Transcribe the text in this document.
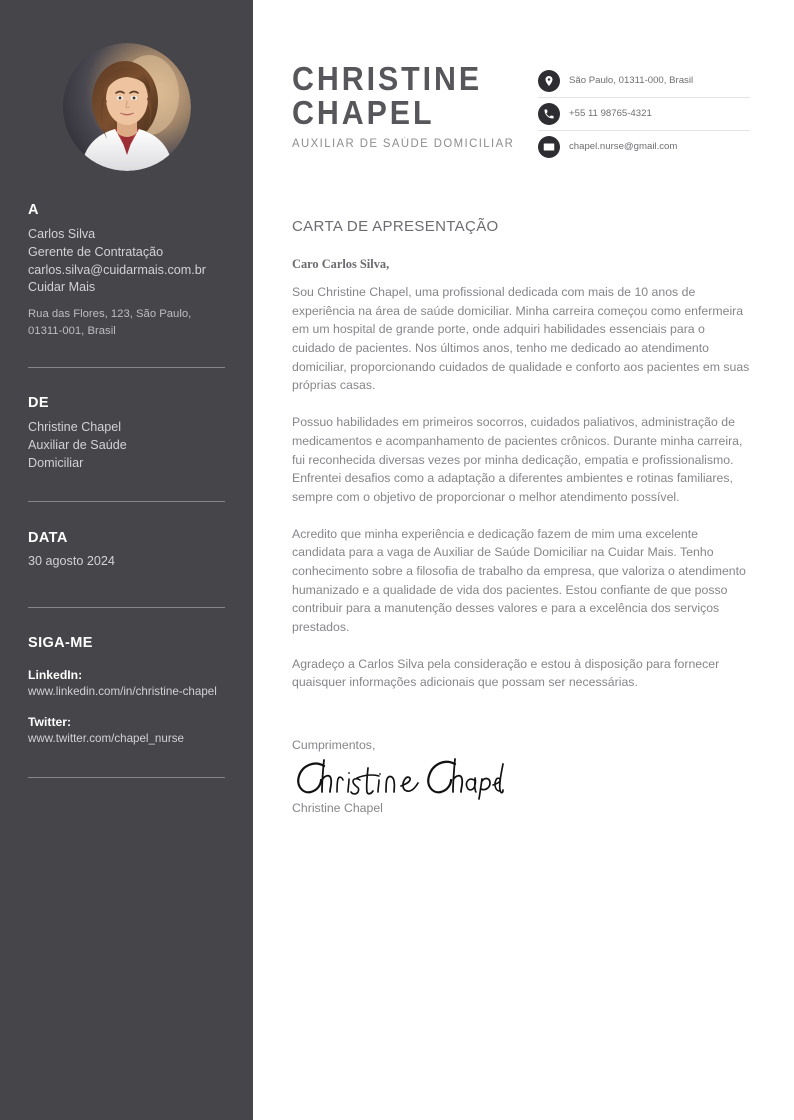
A
Carlos Silva
Gerente de Contratação
carlos.silva@cuidarmais.com.br
Cuidar Mais
Rua das Flores, 123, São Paulo, 01311-001, Brasil
DE
Christine Chapel
Auxiliar de Saúde Domiciliar
DATA
30 agosto 2024
SIGA-ME
LinkedIn:
www.linkedin.com/in/christine-chapel
Twitter:
www.twitter.com/chapel_nurse
CHRISTINE
CHAPEL
AUXILIAR DE SAÚDE DOMICILIAR
São Paulo, 01311-000, Brasil
+55 11 98765-4321
chapel.nurse@gmail.com
CARTA DE APRESENTAÇÃO
Caro Carlos Silva,

Sou Christine Chapel, uma profissional dedicada com mais de 10 anos de experiência na área de saúde domiciliar. Minha carreira começou como enfermeira em um hospital de grande porte, onde adquiri habilidades essenciais para o cuidado de pacientes. Nos últimos anos, tenho me dedicado ao atendimento domiciliar, proporcionando cuidados de qualidade e conforto aos pacientes em suas próprias casas.

Possuo habilidades em primeiros socorros, cuidados paliativos, administração de medicamentos e acompanhamento de pacientes crônicos. Durante minha carreira, fui reconhecida diversas vezes por minha dedicação, empatia e profissionalismo. Enfrentei desafios como a adaptação a diferentes ambientes e rotinas familiares, sempre com o objetivo de proporcionar o melhor atendimento possível.

Acredito que minha experiência e dedicação fazem de mim uma excelente candidata para a vaga de Auxiliar de Saúde Domiciliar na Cuidar Mais. Tenho conhecimento sobre a filosofia de trabalho da empresa, que valoriza o atendimento humanizado e a qualidade de vida dos pacientes. Estou confiante de que posso contribuir para a manutenção desses valores e para a excelência dos serviços prestados.

Agradeço a Carlos Silva pela consideração e estou à disposição para fornecer quaisquer informações adicionais que possam ser necessárias.

Cumprimentos,
Christine Chapel
